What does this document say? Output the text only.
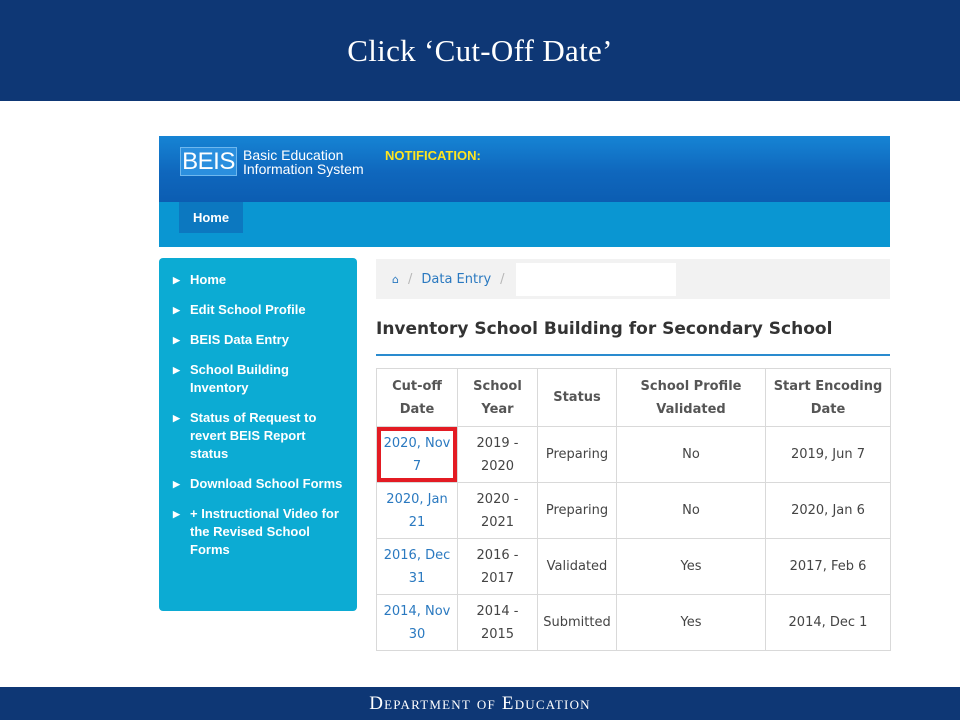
Click ‘Cut-Off Date’
BEIS Basic Education
Information System
NOTIFICATION:
Home
▶ Home
▶ Edit School Profile
▶ BEIS Data Entry
▶ School Building Inventory
▶ Status of Request to revert BEIS Report status
▶ Download School Forms
▶ + Instructional Video for the Revised School Forms
⌂ / Data Entry /
Inventory School Building for Secondary School
Cut-off Date	School Year	Status	School Profile Validated	Start Encoding Date
2020, Nov 7	2019 - 2020	Preparing	No	2019, Jun 7
2020, Jan 21	2020 - 2021	Preparing	No	2020, Jan 6
2016, Dec 31	2016 - 2017	Validated	Yes	2017, Feb 6
2014, Nov 30	2014 - 2015	Submitted	Yes	2014, Dec 1
Department of Education
